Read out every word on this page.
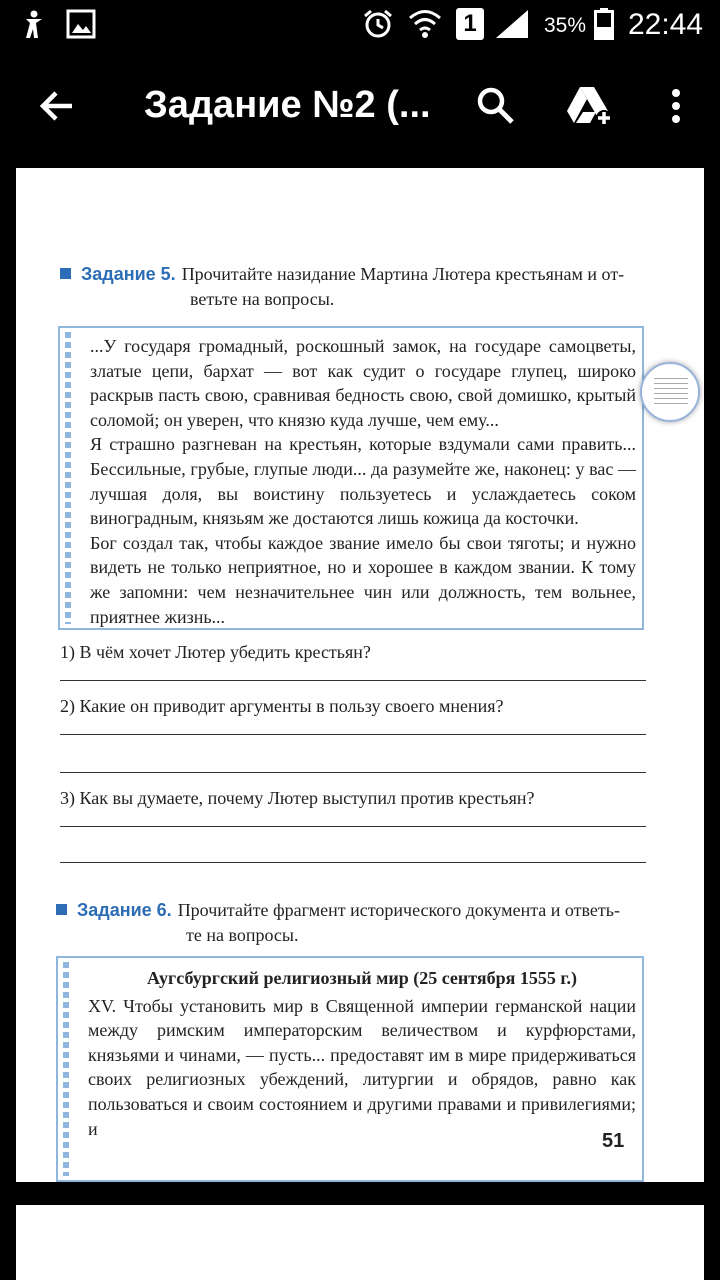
1	35% 22:44
Задание №2 (...
Задание 5. Прочитайте назидание Мартина Лютера крестьянам и от-
ветьте на вопросы.

...У государя громадный, роскошный замок, на государе самоцветы, златые цепи, бархат — вот как судит о государе глупец, широко раскрыв пасть свою, сравнивая бедность свою, свой домишко, крытый соломой; он уверен, что князю куда лучше, чем ему...

Я страшно разгневан на крестьян, которые вздумали сами править... Бессильные, грубые, глупые люди... да разумейте же, наконец: у вас — лучшая доля, вы воистину пользуетесь и услаждаетесь соком виноградным, князьям же достаются лишь кожица да косточки.

Бог создал так, чтобы каждое звание имело бы свои тяготы; и нужно видеть не только неприятное, но и хорошее в каждом звании. К тому же запомни: чем незначительнее чин или должность, тем вольнее, приятнее жизнь...

1) В чём хочет Лютер убедить крестьян?
2) Какие он приводит аргументы в пользу своего мнения?
3) Как вы думаете, почему Лютер выступил против крестьян?
Задание 6. Прочитайте фрагмент исторического документа и ответь-
те на вопросы.

Аугсбургский религиозный мир (25 сентября 1555 г.)

XV. Чтобы установить мир в Священной империи германской нации между римским императорским величеством и курфюрстами, князьями и чинами, — пусть... предоставят им в мире придерживаться своих религиозных убеждений, литургии и обрядов, равно как пользоваться и своим состоянием и другими правами и привилегиями; и

51
